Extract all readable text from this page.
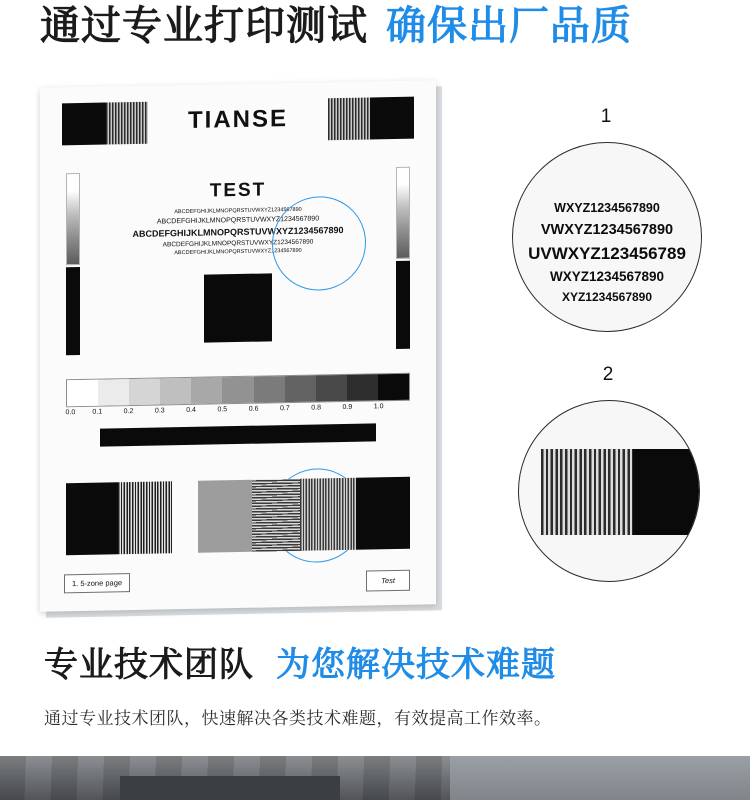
通过专业打印测试 确保出厂品质
TIANSE
TEST
ABCDEFGHIJKLMNOPQRSTUVWXYZ1234567890
ABCDEFGHIJKLMNOPQRSTUVWXYZ1234567890
ABCDEFGHIJKLMNOPQRSTUVWXYZ1234567890
ABCDEFGHIJKLMNOPQRSTUVWXYZ1234567890
ABCDEFGHIJKLMNOPQRSTUVWXYZ1234567890
0.0	0.1	0.2	0.3	0.4	0.5	0.6	0.7	0.8	0.9	1.0
1. 5-zone page	Test
1
WXYZ1234567890
VWXYZ1234567890
UVWXYZ123456789
WXYZ1234567890
XYZ1234567890
2
专业技术团队 为您解决技术难题
通过专业技术团队，快速解决各类技术难题，有效提高工作效率。
